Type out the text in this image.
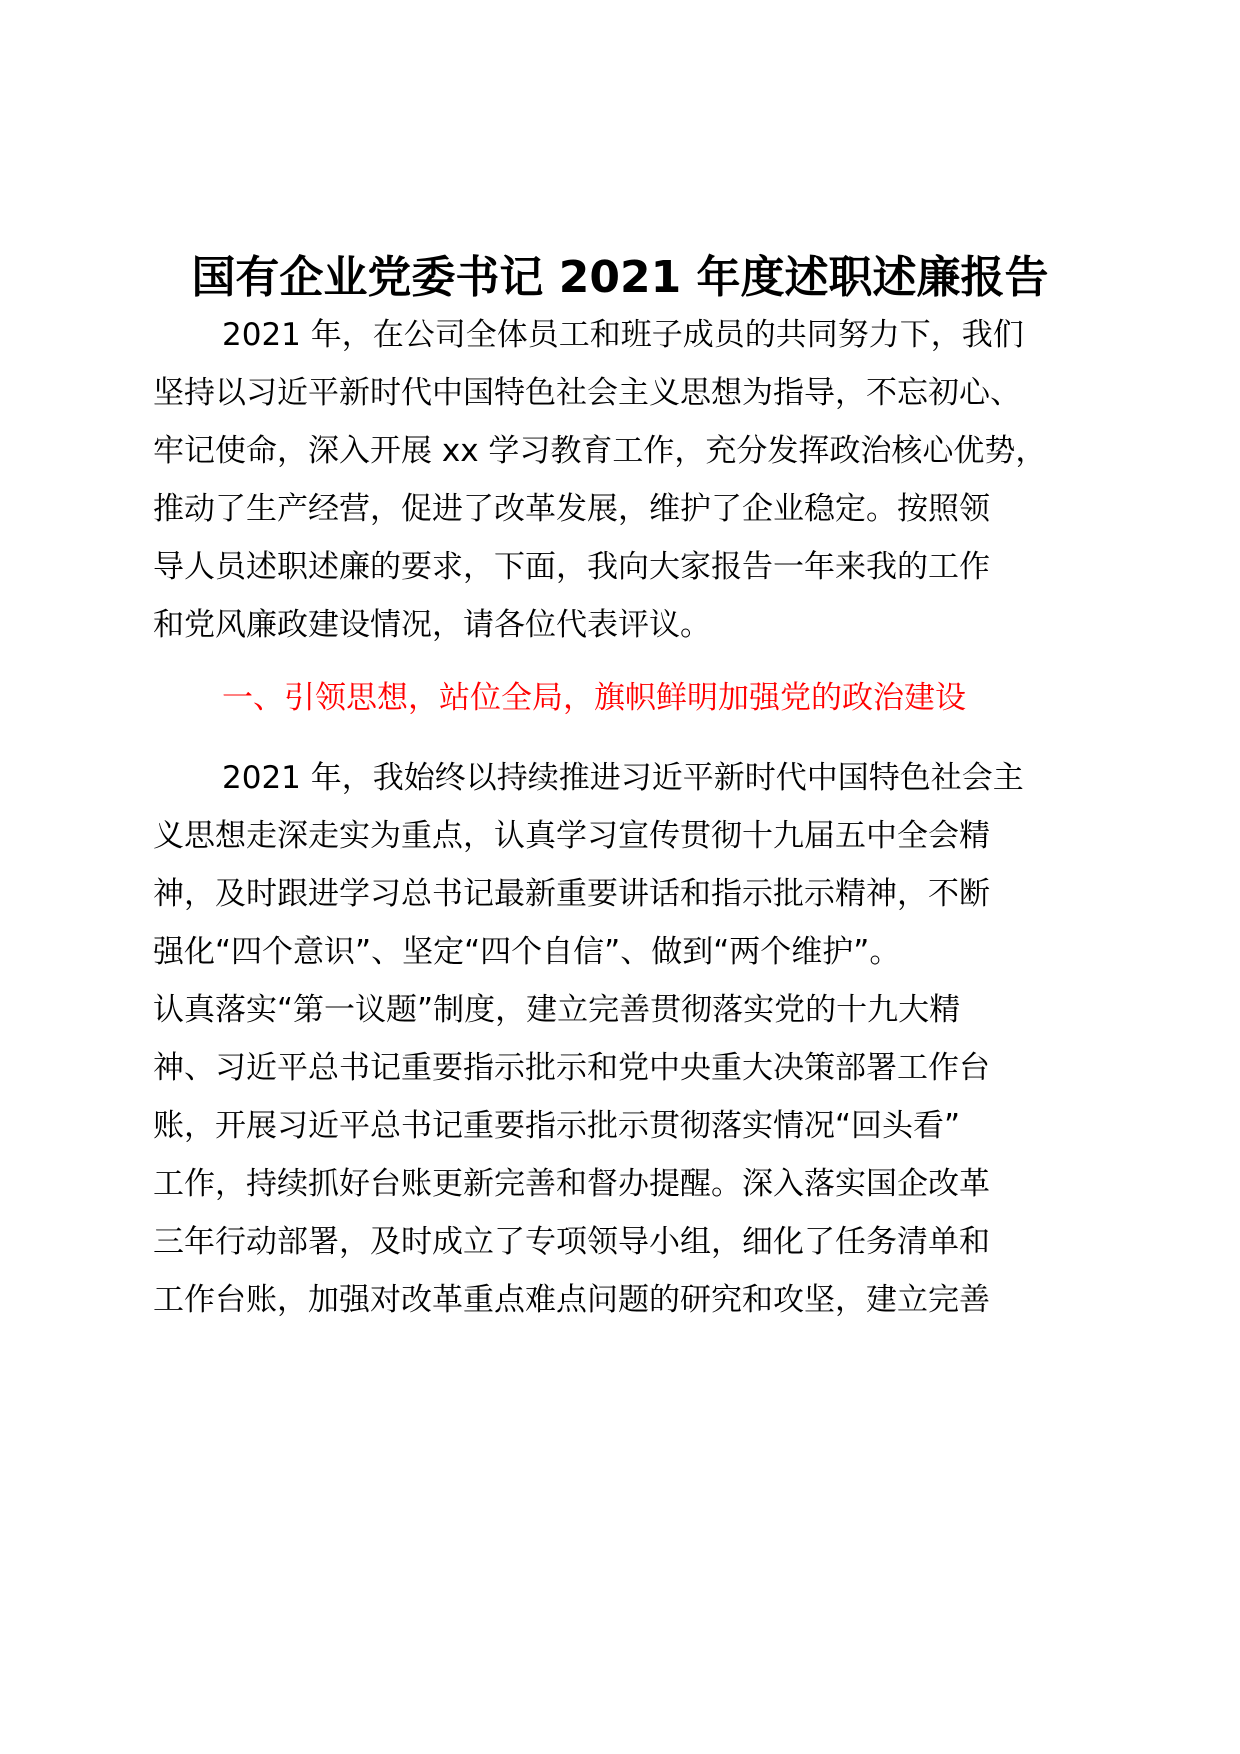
国有企业党委书记 2021 年度述职述廉报告
2021 年，在公司全体员工和班子成员的共同努力下，我们
坚持以习近平新时代中国特色社会主义思想为指导，不忘初心、
牢记使命，深入开展 xx 学习教育工作，充分发挥政治核心优势，
推动了生产经营，促进了改革发展，维护了企业稳定。按照领
导人员述职述廉的要求，下面，我向大家报告一年来我的工作
和党风廉政建设情况，请各位代表评议。
一、引领思想，站位全局，旗帜鲜明加强党的政治建设
2021 年，我始终以持续推进习近平新时代中国特色社会主
义思想走深走实为重点，认真学习宣传贯彻十九届五中全会精
神，及时跟进学习总书记最新重要讲话和指示批示精神，不断
强化“四个意识”、坚定“四个自信”、做到“两个维护”。
认真落实“第一议题”制度，建立完善贯彻落实党的十九大精
神、习近平总书记重要指示批示和党中央重大决策部署工作台
账，开展习近平总书记重要指示批示贯彻落实情况“回头看”
工作，持续抓好台账更新完善和督办提醒。深入落实国企改革
三年行动部署，及时成立了专项领导小组，细化了任务清单和
工作台账，加强对改革重点难点问题的研究和攻坚，建立完善
